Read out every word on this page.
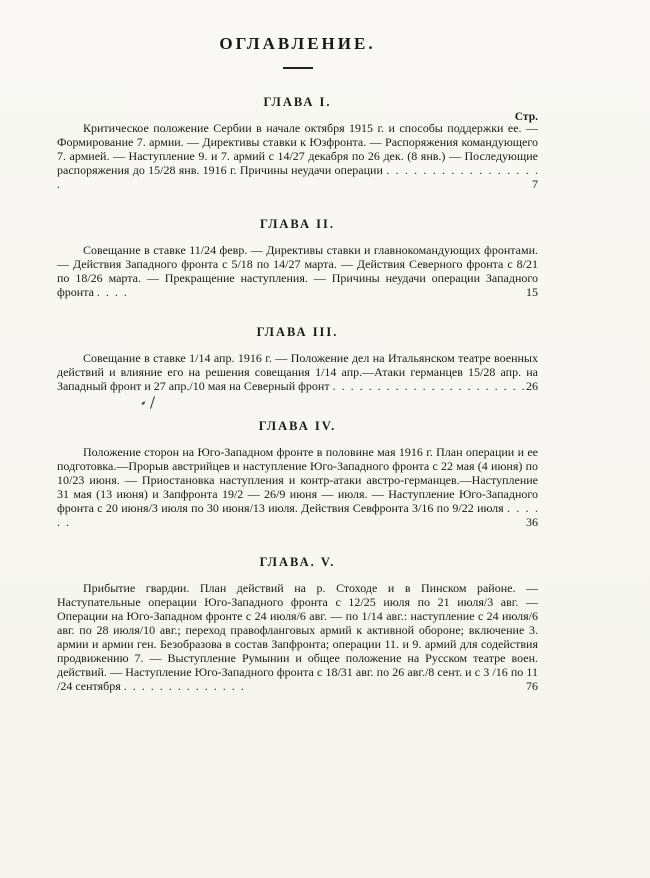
ОГЛАВЛЕНИЕ.
Стр.
ГЛАВА I.

Критическое положение Сербии в начале октября 1915 г. и способы поддержки ее. — Формирование 7. армии. — Директивы ставки к Юзфронта. — Распоряжения командующего 7. армией. — Наступление 9. и 7. армий с 14/27 декабря по 26 дек. (8 янв.) — Последующие распоряжения до 15/28 янв. 1916 г. Причины неудачи операции . . . . . . . . . . . . . . . . . .	7

ГЛАВА II.

Совещание в ставке 11/24 февр. — Директивы ставки и главнокомандующих фронтами. — Действия Западного фронта с 5/18 по 14/27 марта. — Действия Северного фронта с 8/21 по 18/26 марта. — Прекращение наступления. — Причины неудачи операции Западного фронта . . . .	15

ГЛАВА III.

Совещание в ставке 1/14 апр. 1916 г. — Положение дел на Итальянском театре военных действий и влияние его на решения совещания 1/14 апр.—Атаки германцев 15/28 апр. на Западный фронт и 27 апр./10 мая на Северный фронт . . . . . . . . . . . . . . . . . . . . . . 26

ГЛАВА IV.

Положение сторон на Юго-Западном фронте в половине мая 1916 г. План операции и ее подготовка.—Прорыв австрийцев и наступление Юго-Западного фронта с 22 мая (4 июня) по 10/23 июня. — Приостановка наступления и контр-атаки австро-германцев.—Наступление 31 мая (13 июня) и Запфронта 19/2 — 26/9 июня — июля. — Наступление Юго-Западного фронта с 20 июня/3 июля по 30 июня/13 июля. Действия Севфронта 3/16 по 9/22 июля . . . . . .	36

ГЛАВА. V.

Прибытие гвардии. План действий на р. Стоходе и в Пинском районе. — Наступательные операции Юго-Западного фронта с 12/25 июля по 21 июля/3 авг. — Операции на Юго-Западном фронте с 24 июля/6 авг. — по 1/14 авг.: наступление с 24 июля/6 авг. по 28 июля/10 авг.; переход правофланговых армий к активной обороне; включение 3. армии и армии ген. Безобразова в состав Запфронта; операции 11. и 9. армий для содействия продвижению 7. — Выступление Румынии и общее положение на Русском театре воен. действий. — Наступление Юго-Западного фронта с 18/31 авг. по 26 авг./8 сент. и с 3 /16 по 11 /24 сентября . . . . . . . . . . . . . .	76
